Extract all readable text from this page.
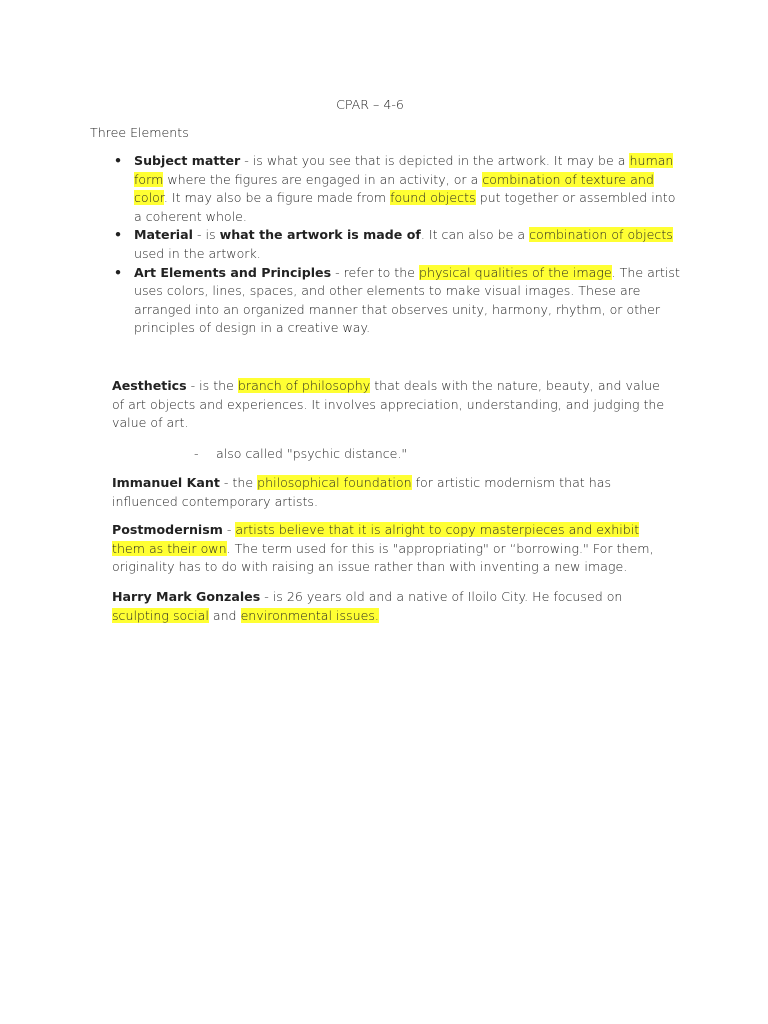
CPAR – 4-6
Three Elements
• Subject matter - is what you see that is depicted in the artwork. It may be a human form where the figures are engaged in an activity, or a combination of texture and color. It may also be a figure made from found objects put together or assembled into a coherent whole.
• Material - is what the artwork is made of. It can also be a combination of objects used in the artwork.
• Art Elements and Principles - refer to the physical qualities of the image. The artist uses colors, lines, spaces, and other elements to make visual images. These are arranged into an organized manner that observes unity, harmony, rhythm, or other principles of design in a creative way.

Aesthetics - is the branch of philosophy that deals with the nature, beauty, and value of art objects and experiences. It involves appreciation, understanding, and judging the value of art.

- also called "psychic distance."

Immanuel Kant - the philosophical foundation for artistic modernism that has influenced contemporary artists.

Postmodernism - artists believe that it is alright to copy masterpieces and exhibit them as their own. The term used for this is "appropriating" or “borrowing." For them, originality has to do with raising an issue rather than with inventing a new image.

Harry Mark Gonzales - is 26 years old and a native of Iloilo City. He focused on sculpting social and environmental issues.
